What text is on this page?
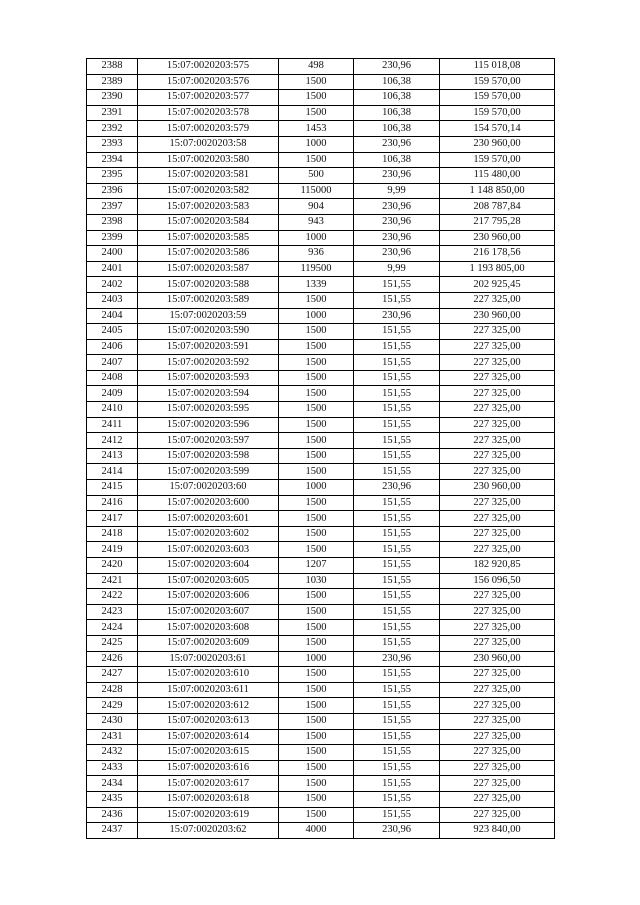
2388	15:07:0020203:575	498	230,96	115 018,08
2389	15:07:0020203:576	1500	106,38	159 570,00
2390	15:07:0020203:577	1500	106,38	159 570,00
2391	15:07:0020203:578	1500	106,38	159 570,00
2392	15:07:0020203:579	1453	106,38	154 570,14
2393	15:07:0020203:58	1000	230,96	230 960,00
2394	15:07:0020203:580	1500	106,38	159 570,00
2395	15:07:0020203:581	500	230,96	115 480,00
2396	15:07:0020203:582	115000	9,99	1 148 850,00
2397	15:07:0020203:583	904	230,96	208 787,84
2398	15:07:0020203:584	943	230,96	217 795,28
2399	15:07:0020203:585	1000	230,96	230 960,00
2400	15:07:0020203:586	936	230,96	216 178,56
2401	15:07:0020203:587	119500	9,99	1 193 805,00
2402	15:07:0020203:588	1339	151,55	202 925,45
2403	15:07:0020203:589	1500	151,55	227 325,00
2404	15:07:0020203:59	1000	230,96	230 960,00
2405	15:07:0020203:590	1500	151,55	227 325,00
2406	15:07:0020203:591	1500	151,55	227 325,00
2407	15:07:0020203:592	1500	151,55	227 325,00
2408	15:07:0020203:593	1500	151,55	227 325,00
2409	15:07:0020203:594	1500	151,55	227 325,00
2410	15:07:0020203:595	1500	151,55	227 325,00
2411	15:07:0020203:596	1500	151,55	227 325,00
2412	15:07:0020203:597	1500	151,55	227 325,00
2413	15:07:0020203:598	1500	151,55	227 325,00
2414	15:07:0020203:599	1500	151,55	227 325,00
2415	15:07:0020203:60	1000	230,96	230 960,00
2416	15:07:0020203:600	1500	151,55	227 325,00
2417	15:07:0020203:601	1500	151,55	227 325,00
2418	15:07:0020203:602	1500	151,55	227 325,00
2419	15:07:0020203:603	1500	151,55	227 325,00
2420	15:07:0020203:604	1207	151,55	182 920,85
2421	15:07:0020203:605	1030	151,55	156 096,50
2422	15:07:0020203:606	1500	151,55	227 325,00
2423	15:07:0020203:607	1500	151,55	227 325,00
2424	15:07:0020203:608	1500	151,55	227 325,00
2425	15:07:0020203:609	1500	151,55	227 325,00
2426	15:07:0020203:61	1000	230,96	230 960,00
2427	15:07:0020203:610	1500	151,55	227 325,00
2428	15:07:0020203:611	1500	151,55	227 325,00
2429	15:07:0020203:612	1500	151,55	227 325,00
2430	15:07:0020203:613	1500	151,55	227 325,00
2431	15:07:0020203:614	1500	151,55	227 325,00
2432	15:07:0020203:615	1500	151,55	227 325,00
2433	15:07:0020203:616	1500	151,55	227 325,00
2434	15:07:0020203:617	1500	151,55	227 325,00
2435	15:07:0020203:618	1500	151,55	227 325,00
2436	15:07:0020203:619	1500	151,55	227 325,00
2437	15:07:0020203:62	4000	230,96	923 840,00
